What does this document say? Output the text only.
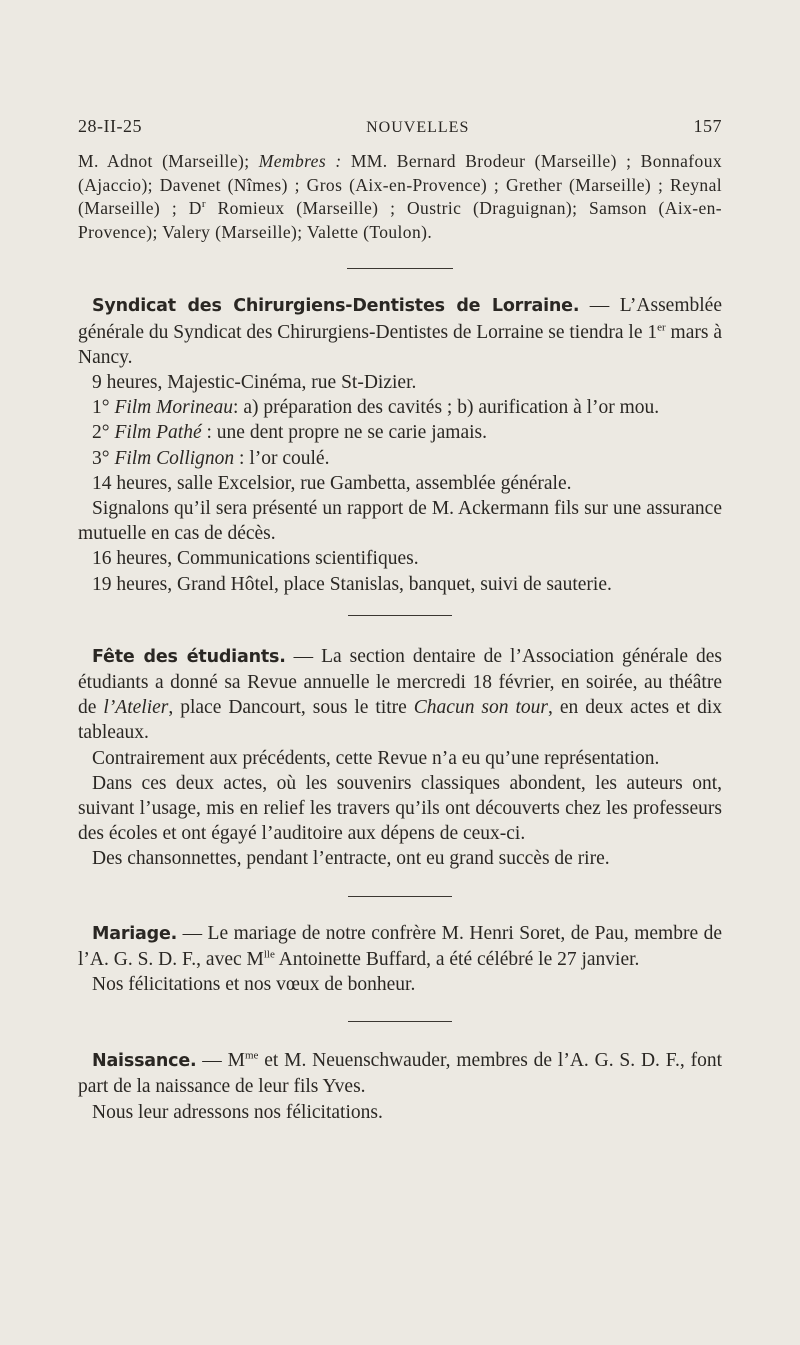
28-II-25	NOUVELLES	157

M. Adnot (Marseille); Membres : MM. Bernard Brodeur (Marseille) ; Bonnafoux (Ajaccio); Davenet (Nîmes) ; Gros (Aix-en-Provence) ; Grether (Marseille) ; Reynal (Marseille) ; $D^r$ Romieux (Marseille) ; Oustric (Draguignan); Samson (Aix-en-Provence); Valery (Marseille); Valette (Toulon).

Syndicat des Chirurgiens-Dentistes de Lorraine. — L’Assemblée générale du Syndicat des Chirurgiens-Dentistes de Lorraine se tiendra le 1er mars à Nancy.

9 heures, Majestic-Cinéma, rue St-Dizier.

1° Film Morineau: a) préparation des cavités ; b) aurification à l’or mou.

2° Film Pathé : une dent propre ne se carie jamais.

3° Film Collignon : l’or coulé.

14 heures, salle Excelsior, rue Gambetta, assemblée générale.

Signalons qu’il sera présenté un rapport de M. Ackermann fils sur une assurance mutuelle en cas de décès.

16 heures, Communications scientifiques.

19 heures, Grand Hôtel, place Stanislas, banquet, suivi de sauterie.

Fête des étudiants. — La section dentaire de l’Association générale des étudiants a donné sa Revue annuelle le mercredi 18 février, en soirée, au théâtre de l’Atelier, place Dancourt, sous le titre Chacun son tour, en deux actes et dix tableaux.

Contrairement aux précédents, cette Revue n’a eu qu’une représentation.

Dans ces deux actes, où les souvenirs classiques abondent, les auteurs ont, suivant l’usage, mis en relief les travers qu’ils ont découverts chez les professeurs des écoles et ont égayé l’auditoire aux dépens de ceux-ci.

Des chansonnettes, pendant l’entracte, ont eu grand succès de rire.

Mariage. — Le mariage de notre confrère M. Henri Soret, de Pau, membre de l’A. G. S. D. F., avec $M^{lle}$ Antoinette Buffard, a été célébré le 27 janvier.

Nos félicitations et nos vœux de bonheur.

Naissance. — $M^{me}$ et M. Neuenschwauder, membres de l’A. G. S. D. F., font part de la naissance de leur fils Yves.

Nous leur adressons nos félicitations.
